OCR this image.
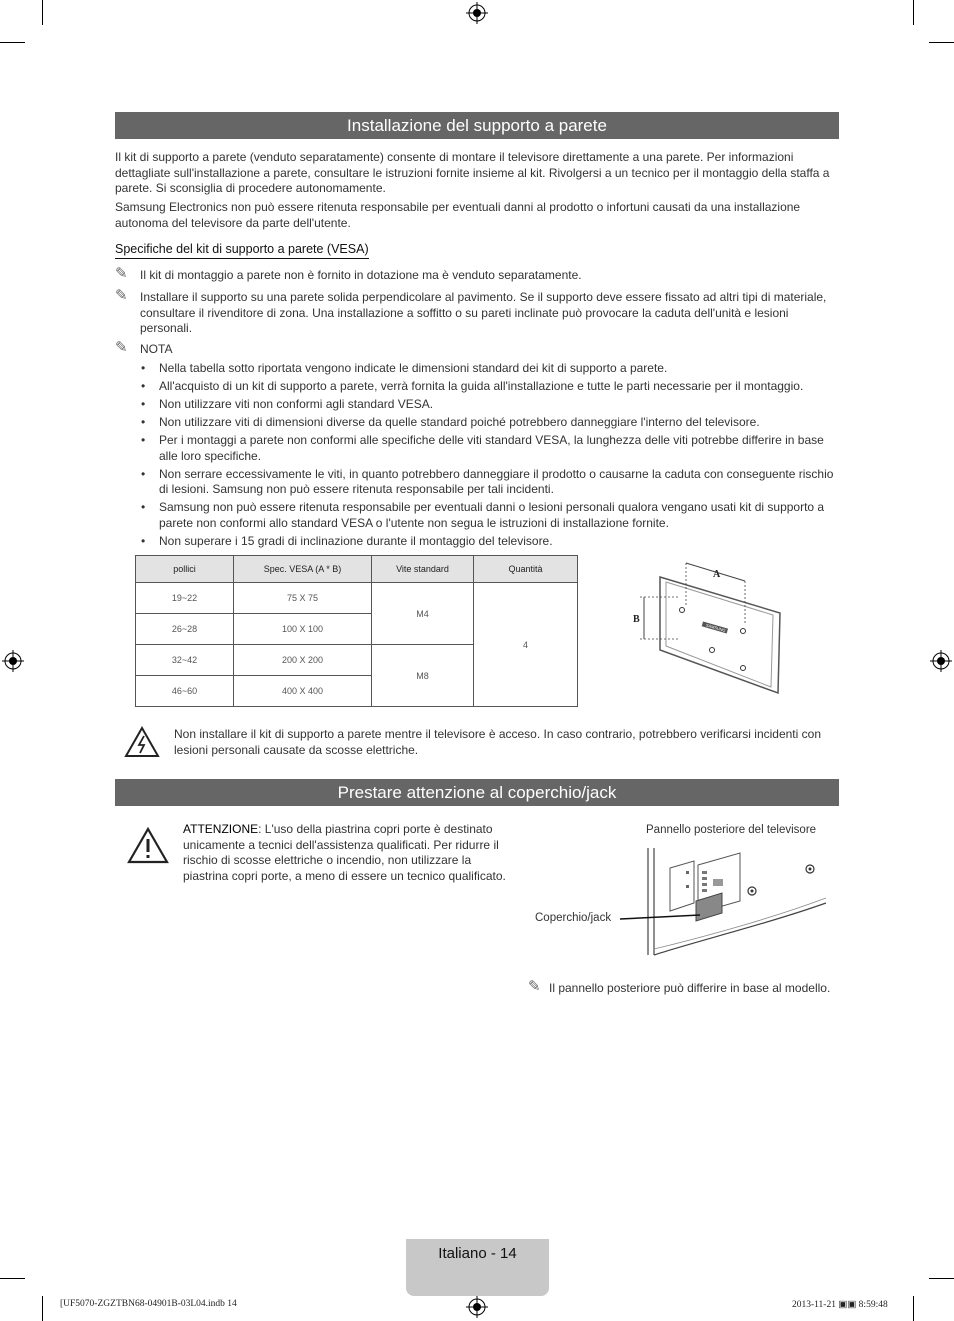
Installazione del supporto a parete
Il kit di supporto a parete (venduto separatamente) consente di montare il televisore direttamente a una parete. Per informazioni dettagliate sull'installazione a parete, consultare le istruzioni fornite insieme al kit. Rivolgersi a un tecnico per il montaggio della staffa a parete. Si sconsiglia di procedere autonomamente.
Samsung Electronics non può essere ritenuta responsabile per eventuali danni al prodotto o infortuni causati da una installazione autonoma del televisore da parte dell'utente.
Specifiche del kit di supporto a parete (VESA)
✎ Il kit di montaggio a parete non è fornito in dotazione ma è venduto separatamente.
✎ Installare il supporto su una parete solida perpendicolare al pavimento. Se il supporto deve essere fissato ad altri tipi di materiale, consultare il rivenditore di zona. Una installazione a soffitto o su pareti inclinate può provocare la caduta dell'unità e lesioni personali.
✎ NOTA
• Nella tabella sotto riportata vengono indicate le dimensioni standard dei kit di supporto a parete.
• All'acquisto di un kit di supporto a parete, verrà fornita la guida all'installazione e tutte le parti necessarie per il montaggio.
• Non utilizzare viti non conformi agli standard VESA.
• Non utilizzare viti di dimensioni diverse da quelle standard poiché potrebbero danneggiare l'interno del televisore.
• Per i montaggi a parete non conformi alle specifiche delle viti standard VESA, la lunghezza delle viti potrebbe differire in base alle loro specifiche.
• Non serrare eccessivamente le viti, in quanto potrebbero danneggiare il prodotto o causarne la caduta con conseguente rischio di lesioni. Samsung non può essere ritenuta responsabile per tali incidenti.
• Samsung non può essere ritenuta responsabile per eventuali danni o lesioni personali qualora vengano usati kit di supporto a parete non conformi allo standard VESA o l'utente non segua le istruzioni di installazione fornite.
• Non superare i 15 gradi di inclinazione durante il montaggio del televisore.
pollici	Spec. VESA (A * B)	Vite standard	Quantità
19~22	75 X 75	M4	4
26~28	100 X 100		
32~42	200 X 200	M8	
46~60	400 X 400		
SAMSUNG
A
B
Non installare il kit di supporto a parete mentre il televisore è acceso. In caso contrario, potrebbero verificarsi incidenti con lesioni personali causate da scosse elettriche.
Prestare attenzione al coperchio/jack
ATTENZIONE: L'uso della piastrina copri porte è destinato unicamente a tecnici dell'assistenza qualificati. Per ridurre il rischio di scosse elettriche o incendio, non utilizzare la piastrina copri porte, a meno di essere un tecnico qualificato.
Pannello posteriore del televisore
Coperchio/jack
✎ Il pannello posteriore può differire in base al modello.
Italiano - 14
[UF5070-ZGZTBN68-04901B-03L04.indb 14	2013-11-21 ▣▣ 8:59:48
